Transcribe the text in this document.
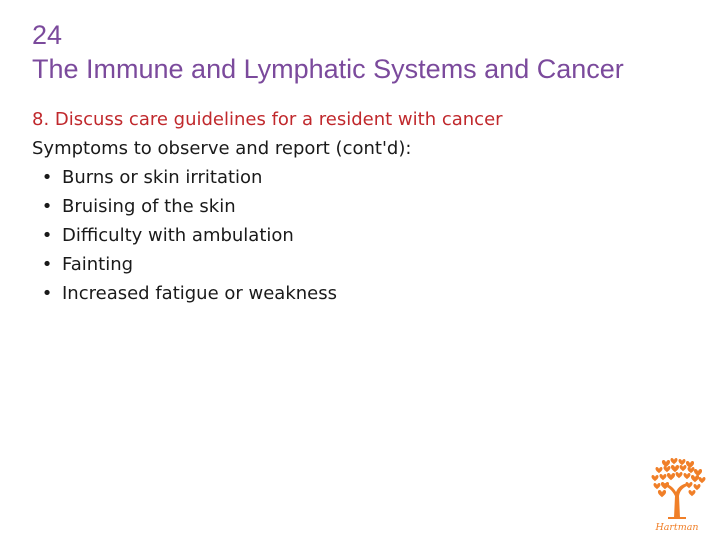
24
The Immune and Lymphatic Systems and Cancer
8. Discuss care guidelines for a resident with cancer
Symptoms to observe and report (cont'd):
• Burns or skin irritation
• Bruising of the skin
• Difficulty with ambulation
• Fainting
• Increased fatigue or weakness
Hartman
